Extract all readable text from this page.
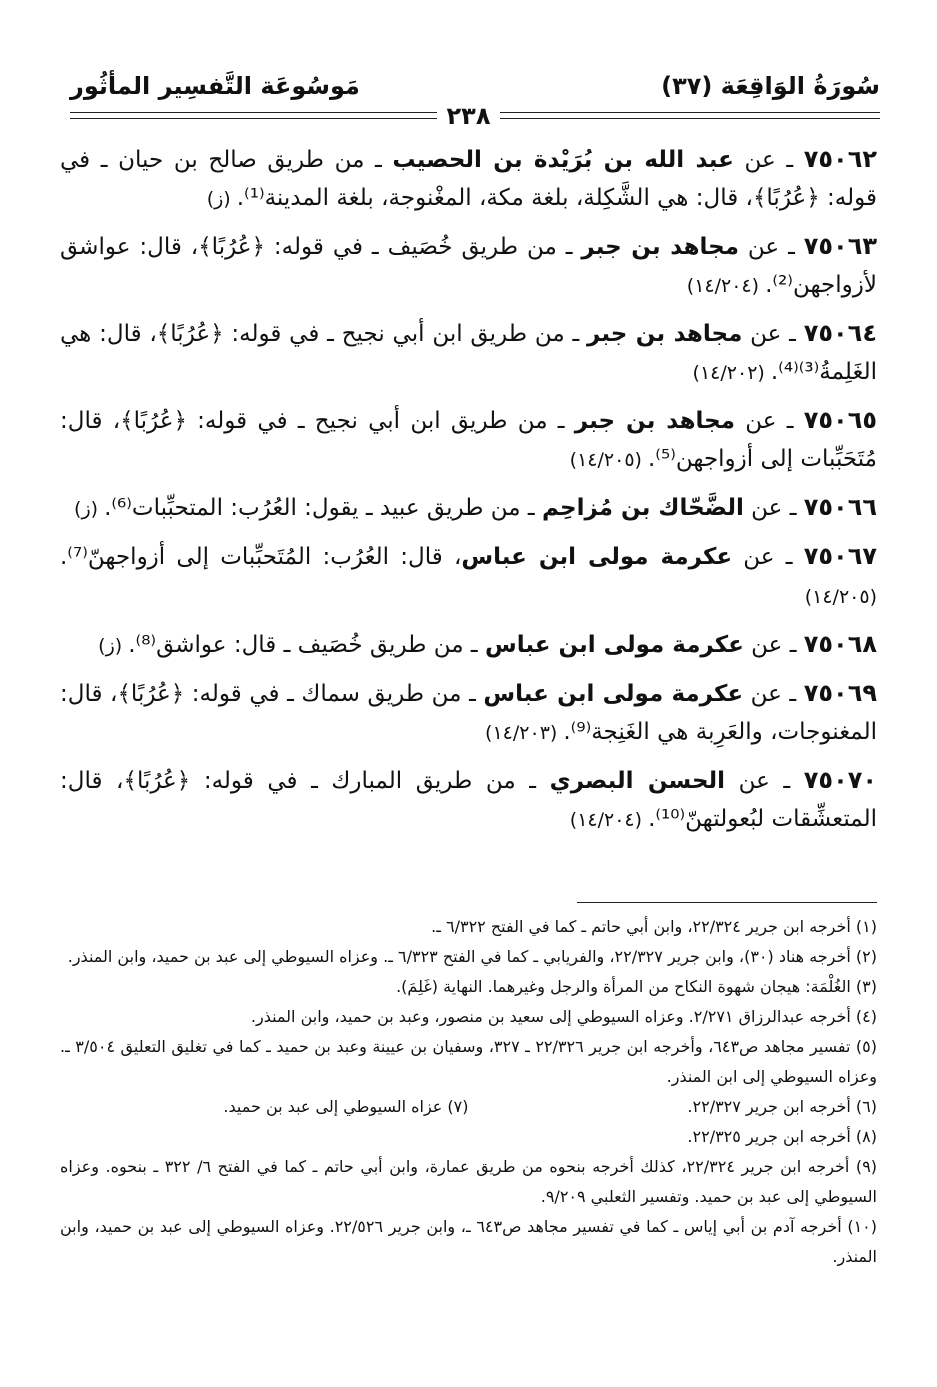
سُورَةُ الوَاقِعَة (٣٧)
مَوسُوعَة التَّفسِير المأثُور
٢٣٨

٧٥٠٦٢ ـ عن عبد الله بن بُرَيْدة بن الحصيب ـ من طريق صالح بن حيان ـ في قوله: ﴿عُرُبًا﴾، قال: هي الشَّكِلة، بلغة مكة، المغْنوجة، بلغة المدينة⁽¹⁾. (ز)

٧٥٠٦٣ ـ عن مجاهد بن جبر ـ من طريق خُصَيف ـ في قوله: ﴿عُرُبًا﴾، قال: عواشق لأزواجهن⁽²⁾. (١٤/٢٠٤)

٧٥٠٦٤ ـ عن مجاهد بن جبر ـ من طريق ابن أبي نجيح ـ في قوله: ﴿عُرُبًا﴾، قال: هي الغَلِمةُ⁽³⁾⁽⁴⁾. (١٤/٢٠٢)

٧٥٠٦٥ ـ عن مجاهد بن جبر ـ من طريق ابن أبي نجيح ـ في قوله: ﴿عُرُبًا﴾، قال: مُتَحَبِّبات إلى أزواجهن⁽⁵⁾. (١٤/٢٠٥)

٧٥٠٦٦ ـ عن الضَّحّاك بن مُزاحِم ـ من طريق عبيد ـ يقول: العُرُب: المتحبِّبات⁽⁶⁾. (ز)

٧٥٠٦٧ ـ عن عكرمة مولى ابن عباس، قال: العُرُب: المُتَحبِّبات إلى أزواجهنّ⁽⁷⁾. (١٤/٢٠٥)

٧٥٠٦٨ ـ عن عكرمة مولى ابن عباس ـ من طريق خُصَيف ـ قال: عواشق⁽⁸⁾. (ز)

٧٥٠٦٩ ـ عن عكرمة مولى ابن عباس ـ من طريق سماك ـ في قوله: ﴿عُرُبًا﴾، قال: المغنوجات، والعَرِبة هي الغَنِجة⁽⁹⁾. (١٤/٢٠٣)

٧٥٠٧٠ ـ عن الحسن البصري ـ من طريق المبارك ـ في قوله: ﴿عُرُبًا﴾، قال: المتعشِّقات لبُعولتهنّ⁽¹⁰⁾. (١٤/٢٠٤)

(١) أخرجه ابن جرير ٢٢/٣٢٤، وابن أبي حاتم ـ كما في الفتح ٦/٣٢٢ ـ.

(٢) أخرجه هناد (٣٠)، وابن جرير ٢٢/٣٢٧، والفريابي ـ كما في الفتح ٦/٣٢٣ ـ. وعزاه السيوطي إلى عبد بن حميد، وابن المنذر.

(٣) الغُلْمَة: هيجان شهوة النكاح من المرأة والرجل وغيرهما. النهاية (غَلِمَ).

(٤) أخرجه عبدالرزاق ٢/٢٧١. وعزاه السيوطي إلى سعيد بن منصور، وعبد بن حميد، وابن المنذر.

(٥) تفسير مجاهد ص٦٤٣، وأخرجه ابن جرير ٢٢/٣٢٦ ـ ٣٢٧، وسفيان بن عيينة وعبد بن حميد ـ كما في تغليق التعليق ٣/٥٠٤ ـ. وعزاه السيوطي إلى ابن المنذر.

(٦) أخرجه ابن جرير ٢٢/٣٢٧.
(٧) عزاه السيوطي إلى عبد بن حميد.

(٨) أخرجه ابن جرير ٢٢/٣٢٥.

(٩) أخرجه ابن جرير ٢٢/٣٢٤، كذلك أخرجه بنحوه من طريق عمارة، وابن أبي حاتم ـ كما في الفتح ٦/ ٣٢٢ ـ بنحوه. وعزاه السيوطي إلى عبد بن حميد. وتفسير الثعلبي ٩/٢٠٩.

(١٠) أخرجه آدم بن أبي إياس ـ كما في تفسير مجاهد ص٦٤٣ ـ، وابن جرير ٢٢/٥٢٦. وعزاه السيوطي إلى عبد بن حميد، وابن المنذر.
